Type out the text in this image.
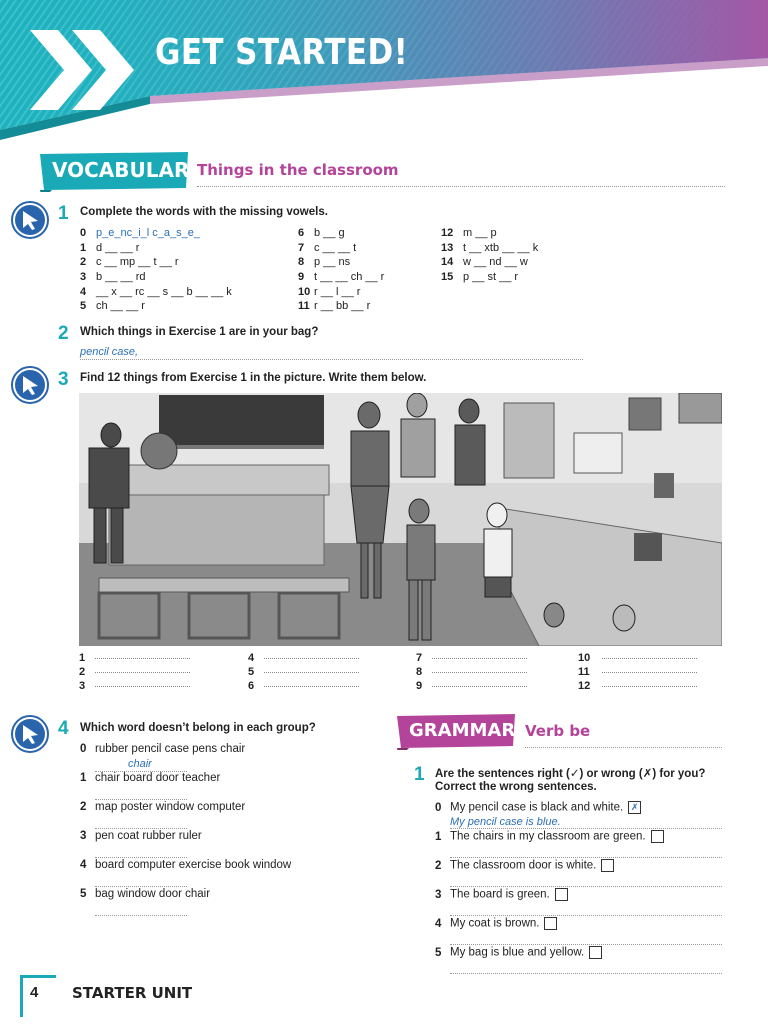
GET STARTED!
VOCABULARY
Things in the classroom
1 Complete the words with the missing vowels.
0 p_e_nc_i_l c_a_s_e_
1 d __ __ r
2 c __ mp __ t __ r
3 b __ __ rd
4 __ x __ rc __ s __ b __ __ k
5 ch __ __ r
6 b __ g
7 c __ __ t
8 p __ ns
9 t __ __ ch __ r
10 r __ l __ r
11 r __ bb __ r
12 m __ p
13 t __ xtb __ __ k
14 w __ nd __ w
15 p __ st __ r
2 Which things in Exercise 1 are in your bag?
pencil case,
3 Find 12 things from Exercise 1 in the picture. Write them below.
1
2
3
4
5
6
7
8
9
10
11
12
4 Which word doesn’t belong in each group?
0 rubber pencil case pens chair
chair
1 chair board door teacher
2 map poster window computer
3 pen coat rubber ruler
4 board computer exercise book window
5 bag window door chair
GRAMMAR Verb be
1 Are the sentences right (✓) or wrong (✗) for you?
Correct the wrong sentences.
0 My pencil case is black and white. ✗
My pencil case is blue.
1 The chairs in my classroom are green.
2 The classroom door is white.
3 The board is green.
4 My coat is brown.
5 My bag is blue and yellow.
4 STARTER UNIT
